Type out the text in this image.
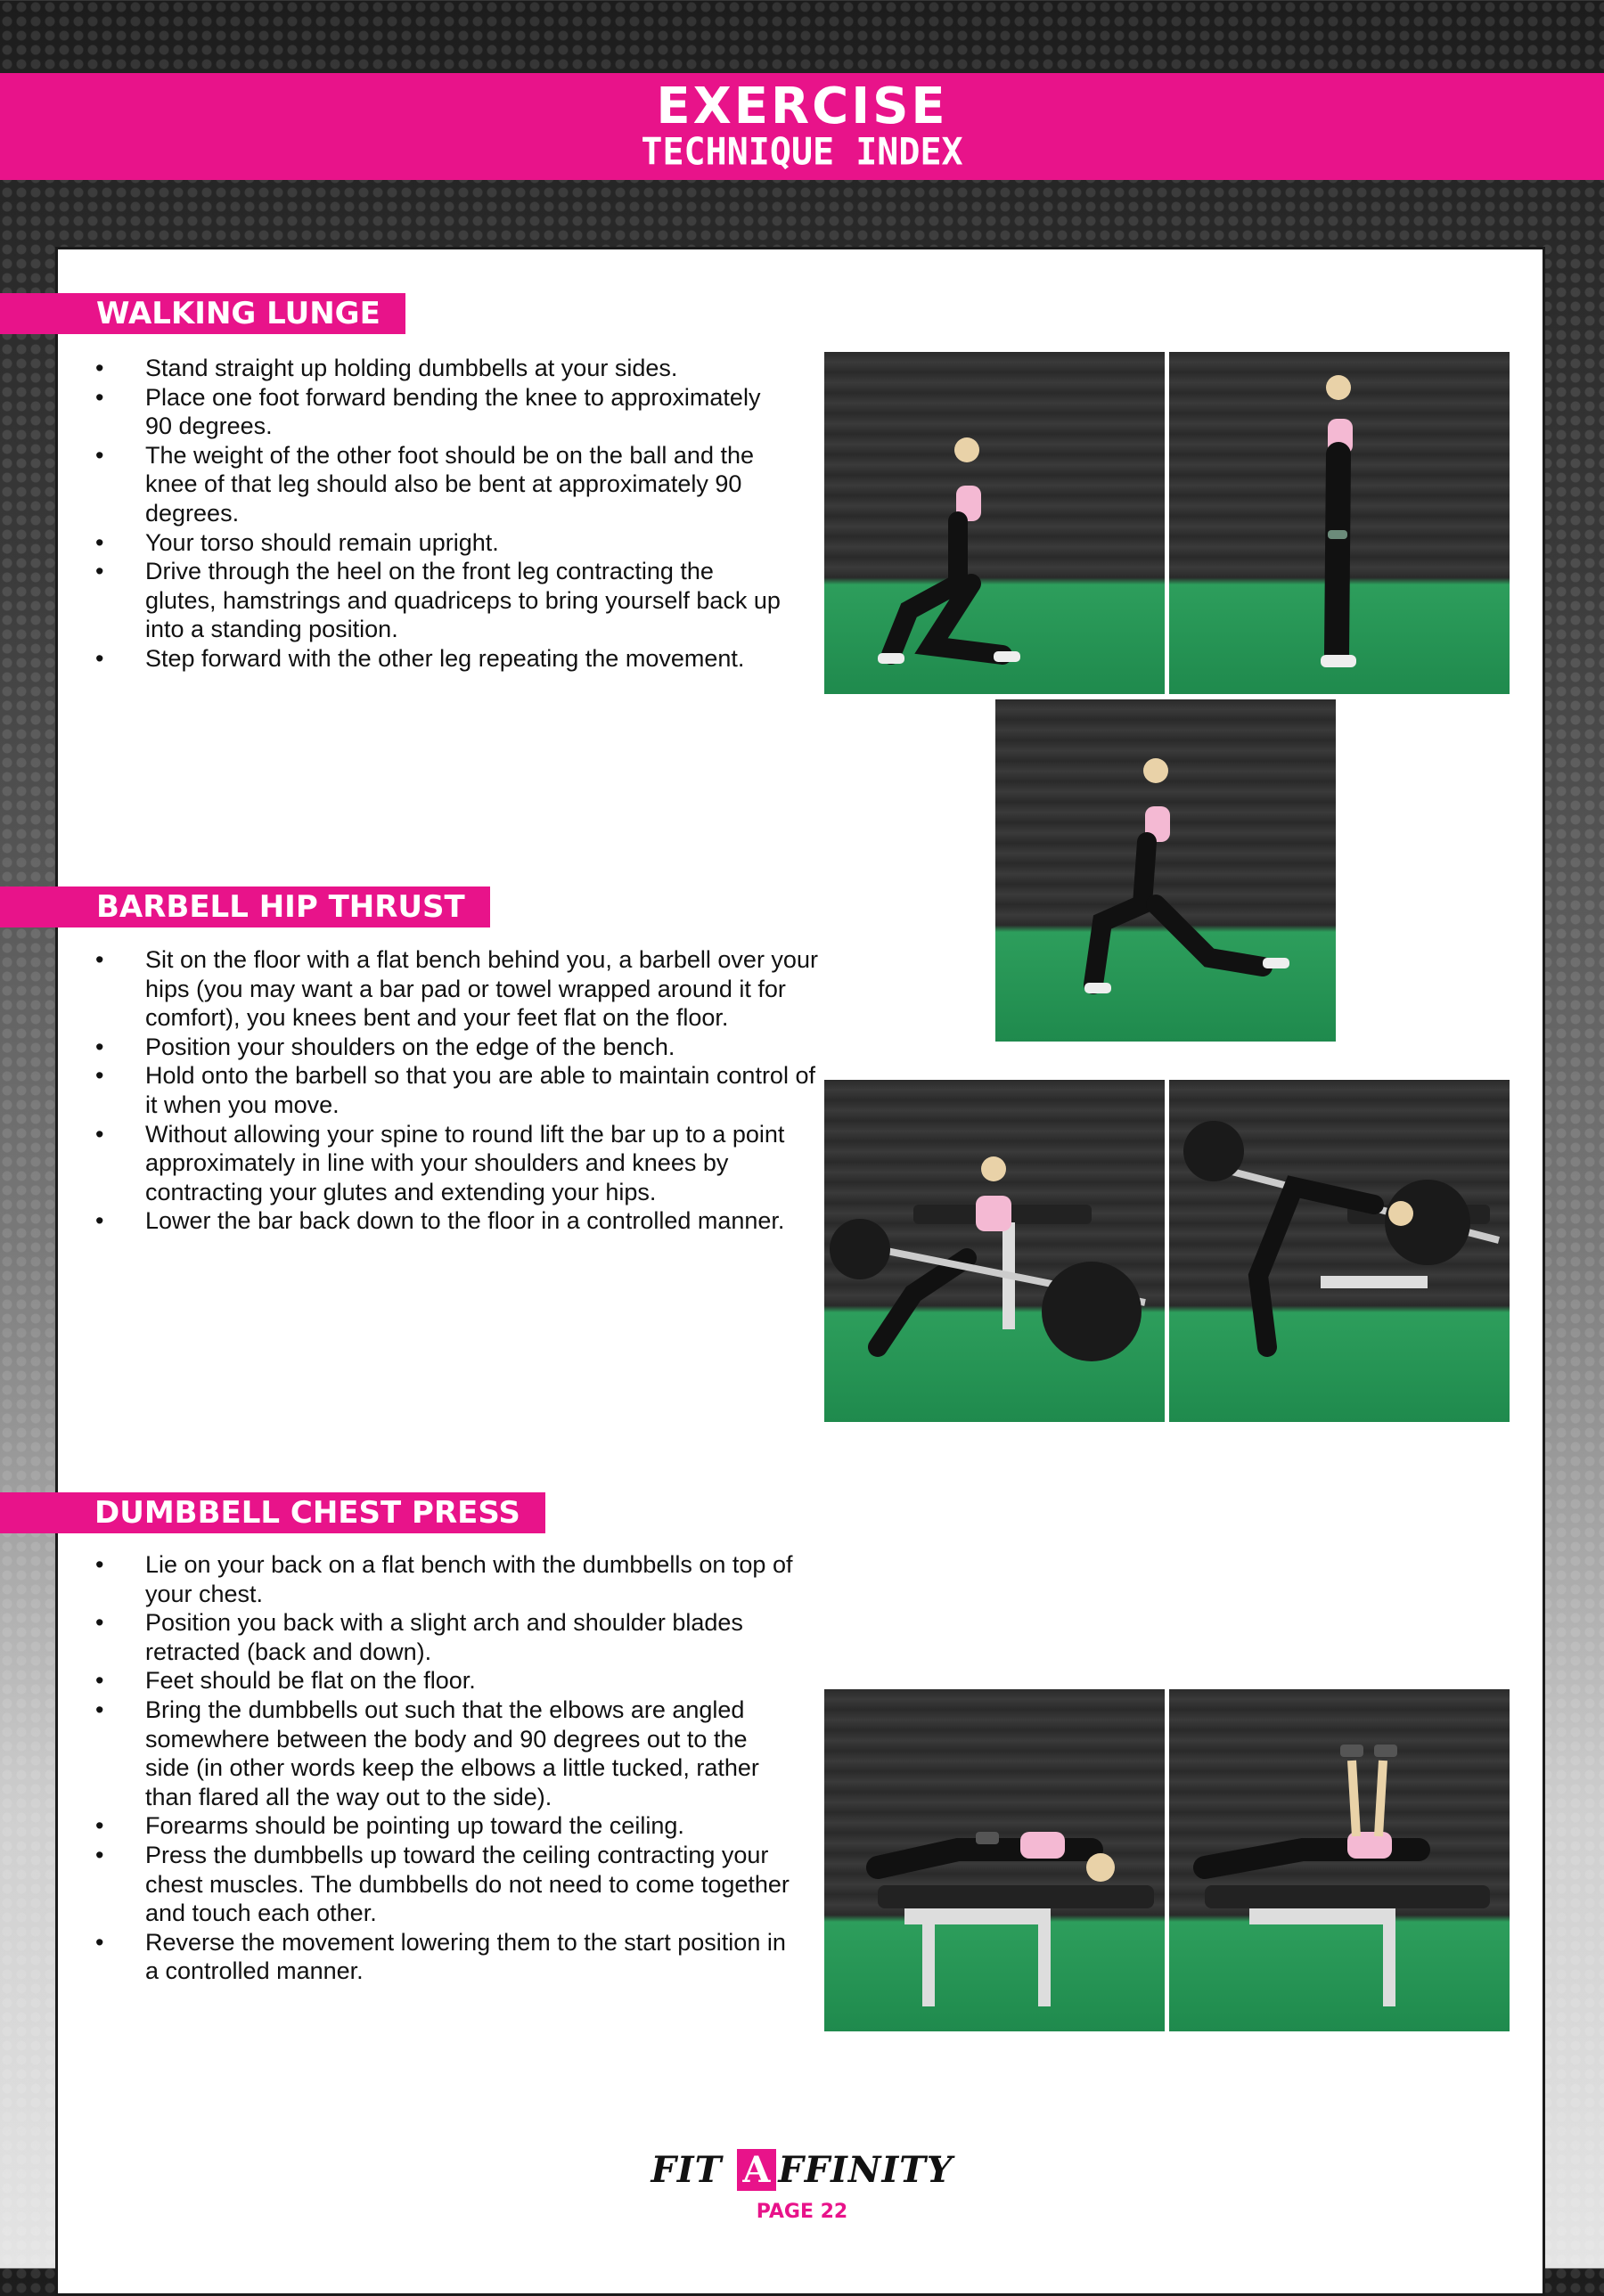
EXERCISE
TECHNIQUE INDEX
WALKING LUNGE
• Stand straight up holding dumbbells at your sides.
• Place one foot forward bending the knee to approximately 90 degrees.
• The weight of the other foot should be on the ball and the knee of that leg should also be bent at approximately 90 degrees.
• Your torso should remain upright.
• Drive through the heel on the front leg contracting the glutes, hamstrings and quadriceps to bring yourself back up into a standing position.
• Step forward with the other leg repeating the movement.
BARBELL HIP THRUST
• Sit on the floor with a flat bench behind you, a barbell over your hips (you may want a bar pad or towel wrapped around it for comfort), you knees bent and your feet flat on the floor.
• Position your shoulders on the edge of the bench.
• Hold onto the barbell so that you are able to maintain control of it when you move.
• Without allowing your spine to round lift the bar up to a point approximately in line with your shoulders and knees by contracting your glutes and extending your hips.
• Lower the bar back down to the floor in a controlled manner.
DUMBBELL CHEST PRESS
• Lie on your back on a flat bench with the dumbbells on top of your chest.
• Position you back with a slight arch and shoulder blades retracted (back and down).
• Feet should be flat on the floor.
• Bring the dumbbells out such that the elbows are angled somewhere between the body and 90 degrees out to the side (in other words keep the elbows a little tucked, rather than flared all the way out to the side).
• Forearms should be pointing up toward the ceiling.
• Press the dumbbells up toward the ceiling contracting your chest muscles. The dumbbells do not need to come together and touch each other.
• Reverse the movement lowering them to the start position in a controlled manner.
FIT A FFINITY
PAGE 22
